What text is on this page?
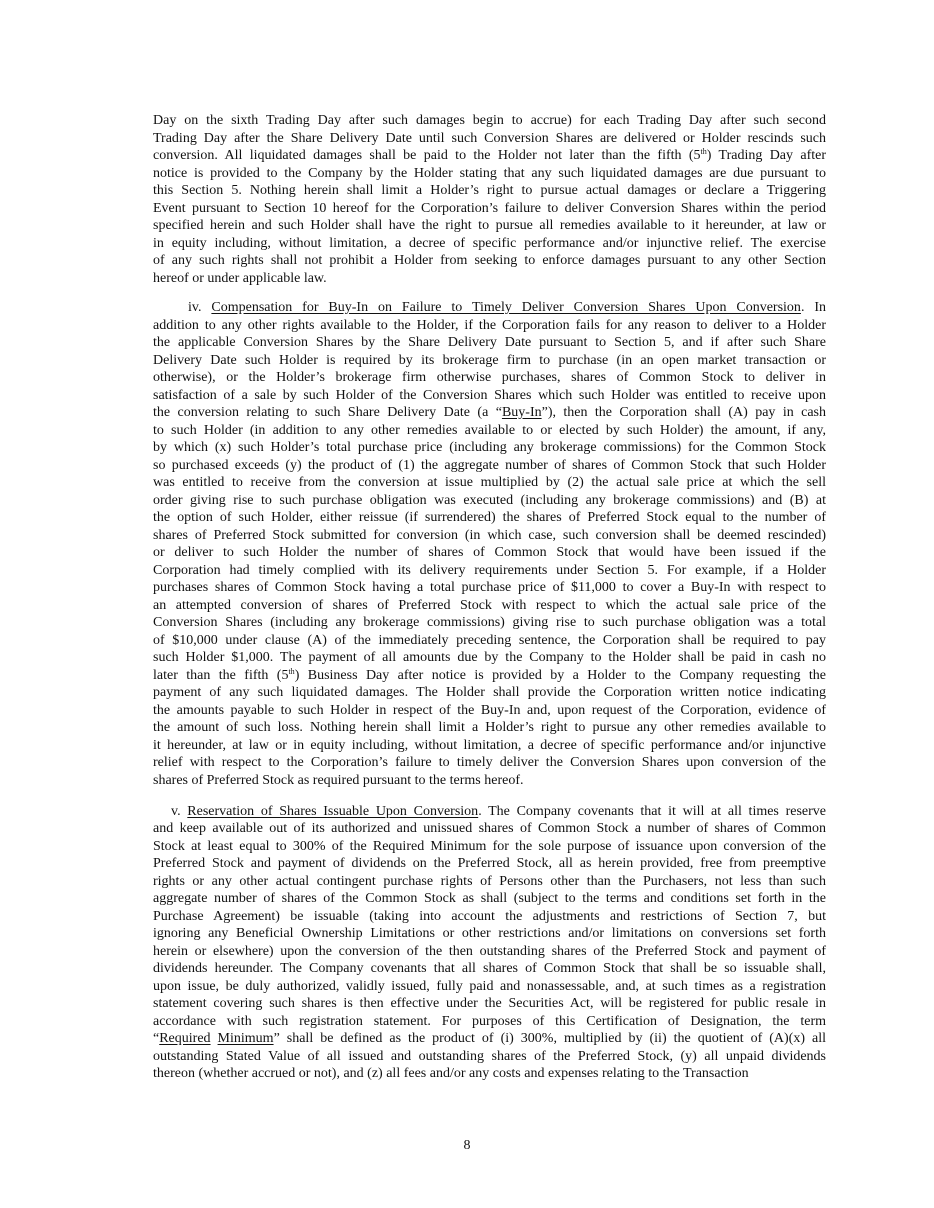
Day on the sixth Trading Day after such damages begin to accrue) for each Trading Day after such second
Trading Day after the Share Delivery Date until such Conversion Shares are delivered or Holder rescinds such
conversion. All liquidated damages shall be paid to the Holder not later than the fifth (5th) Trading Day after
notice is provided to the Company by the Holder stating that any such liquidated damages are due pursuant to
this Section 5. Nothing herein shall limit a Holder’s right to pursue actual damages or declare a Triggering
Event pursuant to Section 10 hereof for the Corporation’s failure to deliver Conversion Shares within the period
specified herein and such Holder shall have the right to pursue all remedies available to it hereunder, at law or
in equity including, without limitation, a decree of specific performance and/or injunctive relief. The exercise
of any such rights shall not prohibit a Holder from seeking to enforce damages pursuant to any other Section
hereof or under applicable law.
iv. Compensation for Buy-In on Failure to Timely Deliver Conversion Shares Upon Conversion. In
addition to any other rights available to the Holder, if the Corporation fails for any reason to deliver to a Holder
the applicable Conversion Shares by the Share Delivery Date pursuant to Section 5, and if after such Share
Delivery Date such Holder is required by its brokerage firm to purchase (in an open market transaction or
otherwise), or the Holder’s brokerage firm otherwise purchases, shares of Common Stock to deliver in
satisfaction of a sale by such Holder of the Conversion Shares which such Holder was entitled to receive upon
the conversion relating to such Share Delivery Date (a “Buy-In”), then the Corporation shall (A) pay in cash
to such Holder (in addition to any other remedies available to or elected by such Holder) the amount, if any,
by which (x) such Holder’s total purchase price (including any brokerage commissions) for the Common Stock
so purchased exceeds (y) the product of (1) the aggregate number of shares of Common Stock that such Holder
was entitled to receive from the conversion at issue multiplied by (2) the actual sale price at which the sell
order giving rise to such purchase obligation was executed (including any brokerage commissions) and (B) at
the option of such Holder, either reissue (if surrendered) the shares of Preferred Stock equal to the number of
shares of Preferred Stock submitted for conversion (in which case, such conversion shall be deemed rescinded)
or deliver to such Holder the number of shares of Common Stock that would have been issued if the
Corporation had timely complied with its delivery requirements under Section 5. For example, if a Holder
purchases shares of Common Stock having a total purchase price of $11,000 to cover a Buy-In with respect to
an attempted conversion of shares of Preferred Stock with respect to which the actual sale price of the
Conversion Shares (including any brokerage commissions) giving rise to such purchase obligation was a total
of $10,000 under clause (A) of the immediately preceding sentence, the Corporation shall be required to pay
such Holder $1,000. The payment of all amounts due by the Company to the Holder shall be paid in cash no
later than the fifth (5th) Business Day after notice is provided by a Holder to the Company requesting the
payment of any such liquidated damages. The Holder shall provide the Corporation written notice indicating
the amounts payable to such Holder in respect of the Buy-In and, upon request of the Corporation, evidence of
the amount of such loss. Nothing herein shall limit a Holder’s right to pursue any other remedies available to
it hereunder, at law or in equity including, without limitation, a decree of specific performance and/or injunctive
relief with respect to the Corporation’s failure to timely deliver the Conversion Shares upon conversion of the
shares of Preferred Stock as required pursuant to the terms hereof.
v. Reservation of Shares Issuable Upon Conversion. The Company covenants that it will at all times reserve
and keep available out of its authorized and unissued shares of Common Stock a number of shares of Common
Stock at least equal to 300% of the Required Minimum for the sole purpose of issuance upon conversion of the
Preferred Stock and payment of dividends on the Preferred Stock, all as herein provided, free from preemptive
rights or any other actual contingent purchase rights of Persons other than the Purchasers, not less than such
aggregate number of shares of the Common Stock as shall (subject to the terms and conditions set forth in the
Purchase Agreement) be issuable (taking into account the adjustments and restrictions of Section 7, but
ignoring any Beneficial Ownership Limitations or other restrictions and/or limitations on conversions set forth
herein or elsewhere) upon the conversion of the then outstanding shares of the Preferred Stock and payment of
dividends hereunder. The Company covenants that all shares of Common Stock that shall be so issuable shall,
upon issue, be duly authorized, validly issued, fully paid and nonassessable, and, at such times as a registration
statement covering such shares is then effective under the Securities Act, will be registered for public resale in
accordance with such registration statement. For purposes of this Certification of Designation, the term
“Required Minimum” shall be defined as the product of (i) 300%, multiplied by (ii) the quotient of (A)(x) all
outstanding Stated Value of all issued and outstanding shares of the Preferred Stock, (y) all unpaid dividends
thereon (whether accrued or not), and (z) all fees and/or any costs and expenses relating to the Transaction
8
